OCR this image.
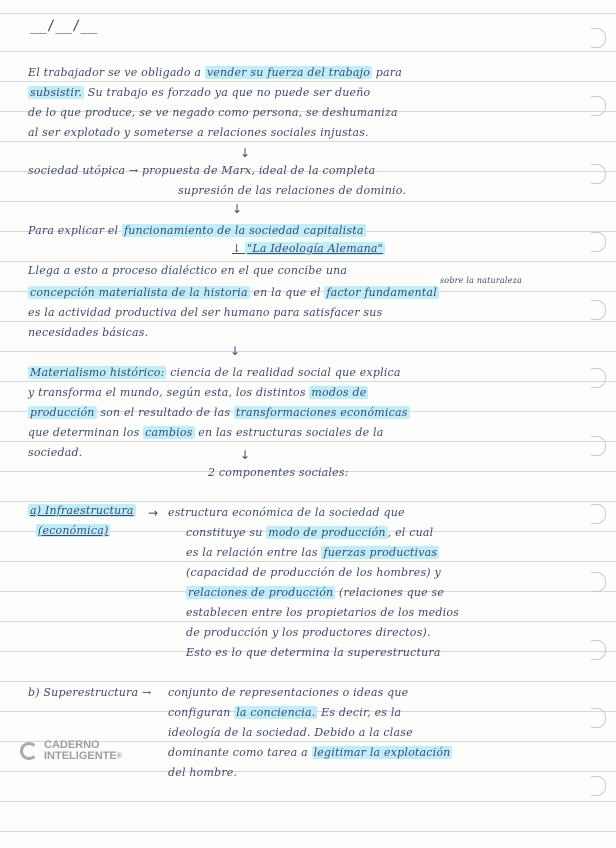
__/__/__
El trabajador se ve obligado a vender su fuerza del trabajo para
subsistir. Su trabajo es forzado ya que no puede ser dueño
de lo que produce, se ve negado como persona, se deshumaniza
al ser explotado y someterse a relaciones sociales injustas.
↓
sociedad utópica → propuesta de Marx, ideal de la completa
supresión de las relaciones de dominio.
↓
Para explicar el funcionamiento de la sociedad capitalista
↓ "La Ideología Alemana"
Llega a esto a proceso dialéctico en el que concibe una
sobre la naturaleza
concepción materialista de la historia en la que el factor fundamental
es la actividad productiva del ser humano para satisfacer sus
necesidades básicas.
↓
Materialismo histórico: ciencia de la realidad social que explica
y transforma el mundo, según esta, los distintos modos de
producción son el resultado de las transformaciones económicas
que determinan los cambios en las estructuras sociales de la
sociedad.	↓
2 componentes sociales:
a) Infraestructura
(económica)
→ estructura económica de la sociedad que
constituye su modo de producción , el cual
es la relación entre las fuerzas productivas
(capacidad de producción de los hombres) y
relaciones de producción (relaciones que se
establecen entre los propietarios de los medios
de producción y los productores directos).
Esto es lo que determina la superestructura
b) Superestructura → conjunto de representaciones o ideas que
configuran la conciencia. Es decir, es la
ideología de la sociedad. Debido a la clase
dominante como tarea a legitimar la explotación
del hombre.
CADERNO
INTELIGENTE®
